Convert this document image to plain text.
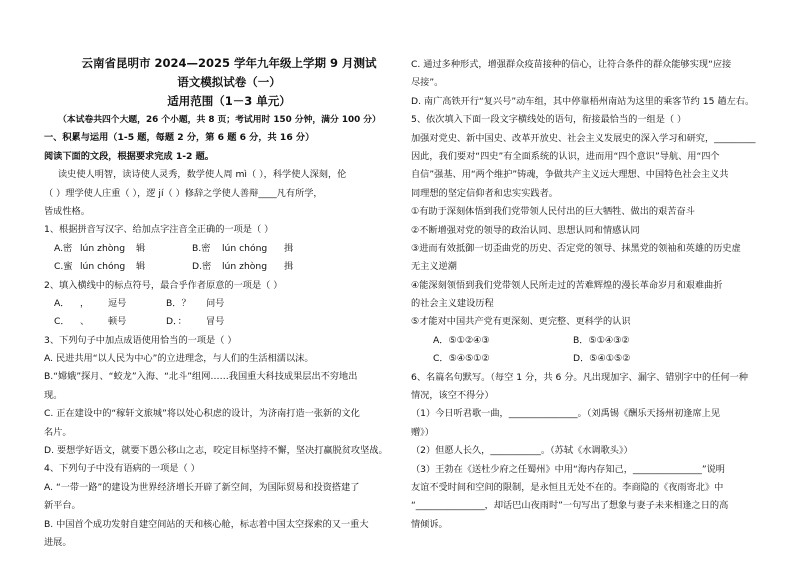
云南省昆明市 2024—2025 学年九年级上学期 9 月测试
语文模拟试卷（一）
适用范围（1－3 单元）
（本试卷共四个大题，26 个小题，共 8 页；考试用时 150 分钟，满分 100 分）
一、积累与运用（1-5 题，每题 2 分，第 6 题 6 分，共 16 分）
阅读下面的文段，根据要求完成 1-2 题。
读史使人明智，读诗使人灵秀，数学使人周 mì（ ），科学使人深刻，伦
（ ）理学使人庄重（ ），逻 jí（ ）修辞之学使人善辩____凡有所学，
皆成性格。
1、根据拼音写汉字、给加点字注音全正确的一项是（ ）
A.密 lún zhòng	辑	B.密	lún chóng	揖
C.蜜 lún chóng	辑	D.密	lún zhòng	揖
2、填入横线中的标点符号，最合乎作者原意的一项是（ ）
A．	，	逗号	B．？	问号
C．	、	顿号	D．：	冒号
3、下列句子中加点成语使用恰当的一项是（ ）
A. 民进共用“以人民为中心”的立进理念，与人们的生活相濡以沫。
B.“嫦娥”探月、“蛟龙”入海、“北斗”组网……我国重大科技成果层出不穷地出
现。
C. 正在建设中的“稼轩文旅城”将以处心积虑的设计，为济南打造一张新的文化
名片。
D. 要想学好语文，就要下愚公移山之志，咬定目标坚持不懈，坚决打赢脱贫攻坚战。
4、下列句子中没有语病的一项是（ ）
A. “一带一路”的建设为世界经济增长开辟了新空间，为国际贸易和投资搭建了
新平台。
B. 中国首个成功发射自建空间站的天和核心舱，标志着中国太空探索的又一重大
进展。
C. 通过多种形式，增强群众疫苗接种的信心，让符合条件的群众能够实现“应接
尽接”。
D. 南广高铁开行“复兴号”动车组，其中停靠梧州南站为这里的乘客节约 15 趟左右。
5、依次填入下面一段文字横线处的语句，衔接最恰当的一组是（ ）
加强对党史、新中国史、改革开放史、社会主义发展史的深入学习和研究，_________
因此，我们要对“四史”有全面系统的认识，进而用“四个意识”导航、用“四个
自信”强基、用“两个维护”铸魂，争做共产主义远大理想、中国特色社会主义共
同理想的坚定信仰者和忠实实践者。
①有助于深刻体悟到我们党带领人民付出的巨大牺牲、做出的艰苦奋斗
②不断增强对党的领导的政治认同、思想认同和情感认同
③进而有效抵御一切歪曲党的历史、否定党的领导、抹黑党的领袖和英雄的历史虚
无主义逆潮
④能深刻领悟到我们党带领人民所走过的苦难辉煌的漫长革命岁月和艰难曲折
的社会主义建设历程
⑤才能对中国共产党有更深刻、更完整、更科学的认识
A．⑤①②④③	B．⑤①④③②
C．⑤④⑤①②	D．⑤④①⑤②
6、名篇名句默写。（每空 1 分，共 6 分。凡出现加字、漏字、错别字中的任何一种
情况，该空不得分）
（1）今日听君歌一曲，_______________。（刘禹锡《酬乐天扬州初逢席上见
赠》）
（2）但愿人长久，___________。（苏轼《水调歌头》）
（3）王勃在《送杜少府之任蜀州》中用“海内存知己，_______________”说明
友谊不受时间和空间的限制，是永恒且无处不在的。李商隐的《夜雨寄北》中
“_______________，却话巴山夜雨时”一句写出了想象与妻子未来相逢之日的高
情倾诉。
